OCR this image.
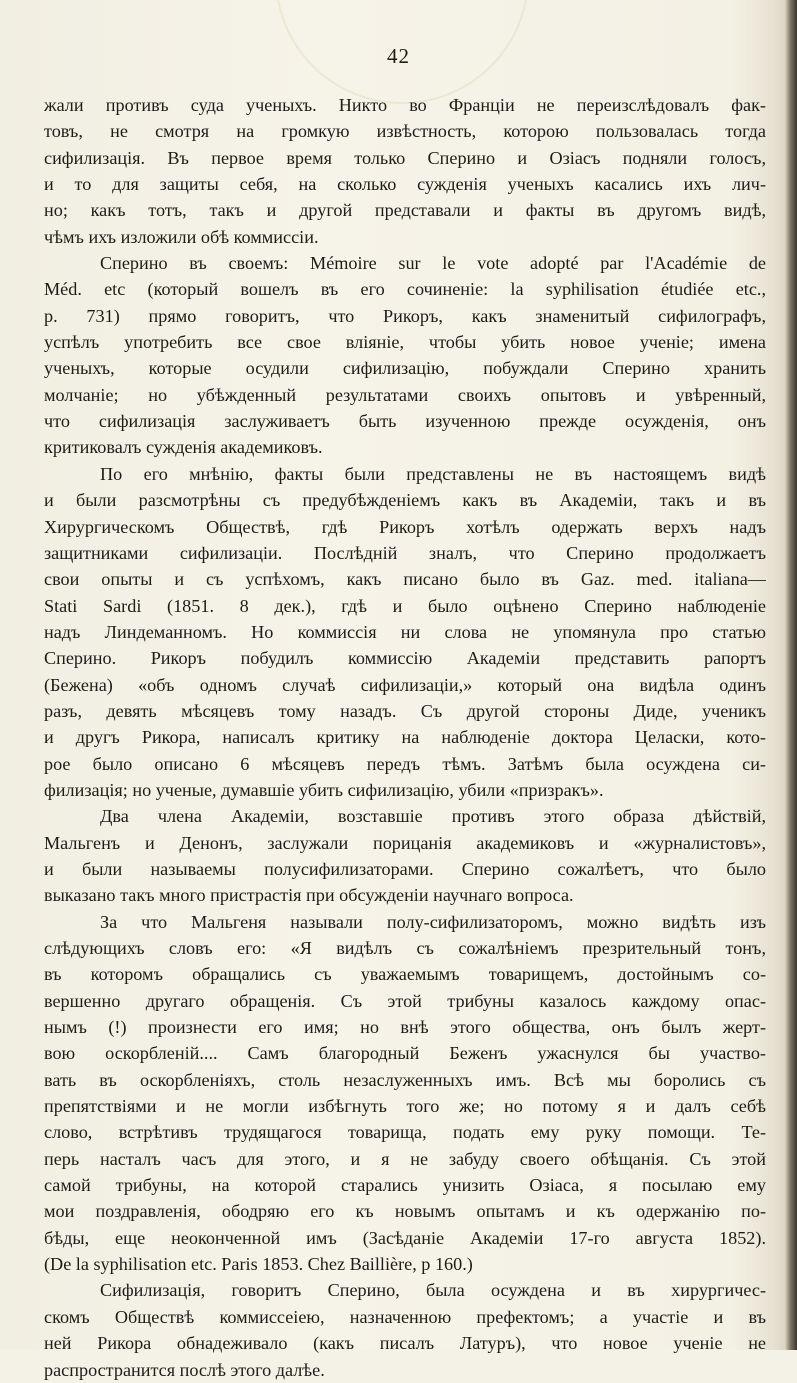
42

жали противъ суда ученыхъ. Никто во Франціи не переизслѣдовалъ фак-
товъ, не смотря на громкую извѣстность, которою пользовалась тогда
сифилизація. Въ первое время только Сперино и Озіасъ подняли голосъ,
и то для защиты себя, на сколько сужденія ученыхъ касались ихъ лич-
но; какъ тотъ, такъ и другой представали и факты въ другомъ видѣ,
чѣмъ ихъ изложили обѣ коммиссіи.

Сперино въ своемъ: Mémoire sur le vote adopté par l'Académie de
Méd. etc (который вошелъ въ его сочиненіе: la syphilisation étudiée etc.,
p. 731) прямо говоритъ, что Рикоръ, какъ знаменитый сифилографъ,
успѣлъ употребить все свое вліяніе, чтобы убить новое ученіе; имена
ученыхъ, которые осудили сифилизацію, побуждали Сперино хранить
молчаніе; но убѣжденный результатами своихъ опытовъ и увѣренный,
что сифилизація заслуживаетъ быть изученною прежде осужденія, онъ
критиковалъ сужденія академиковъ.

По его мнѣнію, факты были представлены не въ настоящемъ видѣ
и были разсмотрѣны съ предубѣжденіемъ какъ въ Академіи, такъ и въ
Хирургическомъ Обществѣ, гдѣ Рикоръ хотѣлъ одержать верхъ надъ
защитниками сифилизаціи. Послѣдній зналъ, что Сперино продолжаетъ
свои опыты и съ успѣхомъ, какъ писано было въ Gaz. med. italiana—
Stati Sardi (1851. 8 дек.), гдѣ и было оцѣнено Сперино наблюденіе
надъ Линдеманномъ. Но коммиссія ни слова не упомянула про статью
Сперино. Рикоръ побудилъ коммиссію Академіи представить рапортъ
(Бежена) «объ одномъ случаѣ сифилизаціи,» который она видѣла одинъ
разъ, девять мѣсяцевъ тому назадъ. Съ другой стороны Диде, ученикъ
и другъ Рикора, написалъ критику на наблюденіе доктора Целаски, кото-
рое было описано 6 мѣсяцевъ передъ тѣмъ. Затѣмъ была осуждена си-
филизація; но ученые, думавшіе убить сифилизацію, убили «призракъ».

Два члена Академіи, возставшіе противъ этого образа дѣйствій,
Мальгенъ и Денонъ, заслужали порицанія академиковъ и «журналистовъ»,
и были называемы полусифилизаторами. Сперино сожалѣетъ, что было
выказано такъ много пристрастія при обсужденіи научнаго вопроса.

За что Мальгеня называли полу-сифилизаторомъ, можно видѣть изъ
слѣдующихъ словъ его: «Я видѣлъ съ сожалѣніемъ презрительный тонъ,
въ которомъ обращались съ уважаемымъ товарищемъ, достойнымъ со-
вершенно другаго обращенія. Съ этой трибуны казалось каждому опас-
нымъ (!) произнести его имя; но внѣ этого общества, онъ былъ жерт-
вою оскорбленій.... Самъ благородный Беженъ ужаснулся бы участво-
вать въ оскорбленіяхъ, столь незаслуженныхъ имъ. Всѣ мы боролись съ
препятствіями и не могли избѣгнуть того же; но потому я и далъ себѣ
слово, встрѣтивъ трудящагося товарища, подать ему руку помощи. Те-
перь насталъ часъ для этого, и я не забуду своего обѣщанія. Съ этой
самой трибуны, на которой старались унизить Озіаса, я посылаю ему
мои поздравленія, ободряю его къ новымъ опытамъ и къ одержанію по-
бѣды, еще неоконченной имъ (Засѣданіе Академіи 17-го августа 1852).
(De la syphilisation etc. Paris 1853. Chez Baillière, p 160.)

Сифилизація, говоритъ Сперино, была осуждена и въ хирургичес-
скомъ Обществѣ коммиссеіею, назначенною префектомъ; а участіе и въ
ней Рикора обнадеживало (какъ писалъ Латуръ), что новое ученіе не
распространится послѣ этого далѣе.
